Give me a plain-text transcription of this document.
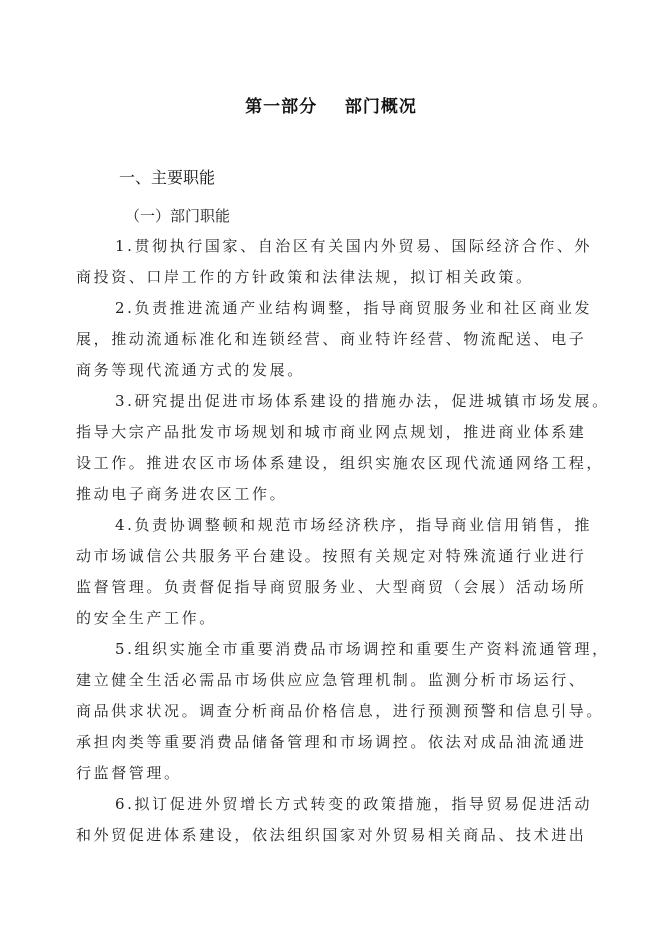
第一部分    部门概况
一、主要职能
（一）部门职能
1.贯彻执行国家、自治区有关国内外贸易、国际经济合作、外
商投资、口岸工作的方针政策和法律法规，拟订相关政策。
2.负责推进流通产业结构调整，指导商贸服务业和社区商业发
展，推动流通标准化和连锁经营、商业特许经营、物流配送、电子
商务等现代流通方式的发展。
3.研究提出促进市场体系建设的措施办法，促进城镇市场发展。
指导大宗产品批发市场规划和城市商业网点规划，推进商业体系建
设工作。推进农区市场体系建设，组织实施农区现代流通网络工程，
推动电子商务进农区工作。
4.负责协调整顿和规范市场经济秩序，指导商业信用销售，推
动市场诚信公共服务平台建设。按照有关规定对特殊流通行业进行
监督管理。负责督促指导商贸服务业、大型商贸（会展）活动场所
的安全生产工作。
5.组织实施全市重要消费品市场调控和重要生产资料流通管理，
建立健全生活必需品市场供应应急管理机制。监测分析市场运行、
商品供求状况。调查分析商品价格信息，进行预测预警和信息引导。
承担肉类等重要消费品储备管理和市场调控。依法对成品油流通进
行监督管理。
6.拟订促进外贸增长方式转变的政策措施，指导贸易促进活动
和外贸促进体系建设，依法组织国家对外贸易相关商品、技术进出
